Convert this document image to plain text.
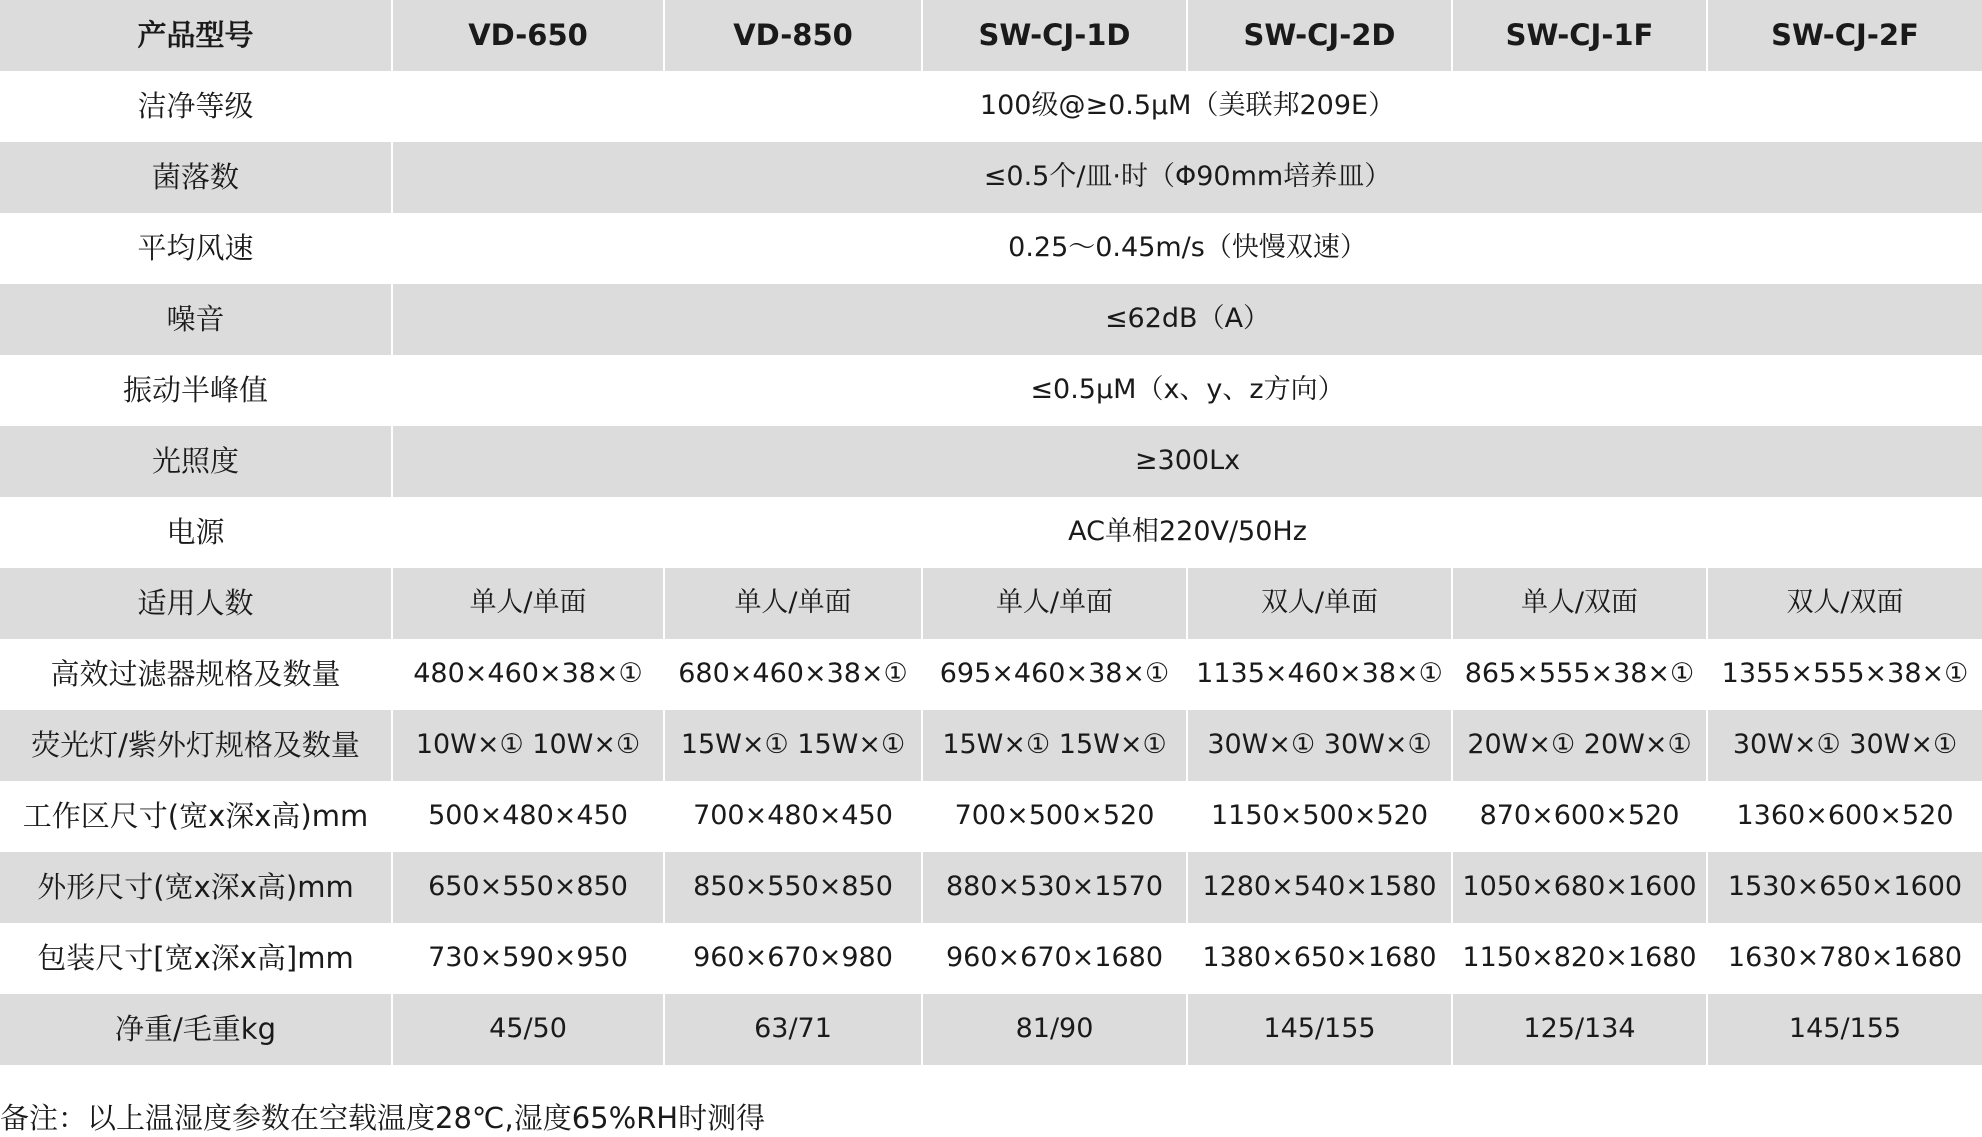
产品型号	VD-650	VD-850	SW-CJ-1D	SW-CJ-2D	SW-CJ-1F	SW-CJ-2F
洁净等级	100级@≥0.5μM（美联邦209E）					
菌落数	≤0.5个/皿·时（Φ90mm培养皿）					
平均风速	0.25～0.45m/s（快慢双速）					
噪音	≤62dB（A）					
振动半峰值	≤0.5μM（x、y、z方向）					
光照度	≥300Lx					
电源	AC单相220V/50Hz					
适用人数	单人/单面	单人/单面	单人/单面	双人/单面	单人/双面	双人/双面
高效过滤器规格及数量	480×460×38×①	680×460×38×①	695×460×38×①	1135×460×38×①	865×555×38×①	1355×555×38×①
荧光灯/紫外灯规格及数量	10W×① 10W×①	15W×① 15W×①	15W×① 15W×①	30W×① 30W×①	20W×① 20W×①	30W×① 30W×①
工作区尺寸(宽x深x高)mm	500×480×450	700×480×450	700×500×520	1150×500×520	870×600×520	1360×600×520
外形尺寸(宽x深x高)mm	650×550×850	850×550×850	880×530×1570	1280×540×1580	1050×680×1600	1530×650×1600
包装尺寸[宽x深x高]mm	730×590×950	960×670×980	960×670×1680	1380×650×1680	1150×820×1680	1630×780×1680
净重/毛重kg	45/50	63/71	81/90	145/155	125/134	145/155
备注：以上温湿度参数在空载温度28℃,湿度65%RH时测得
